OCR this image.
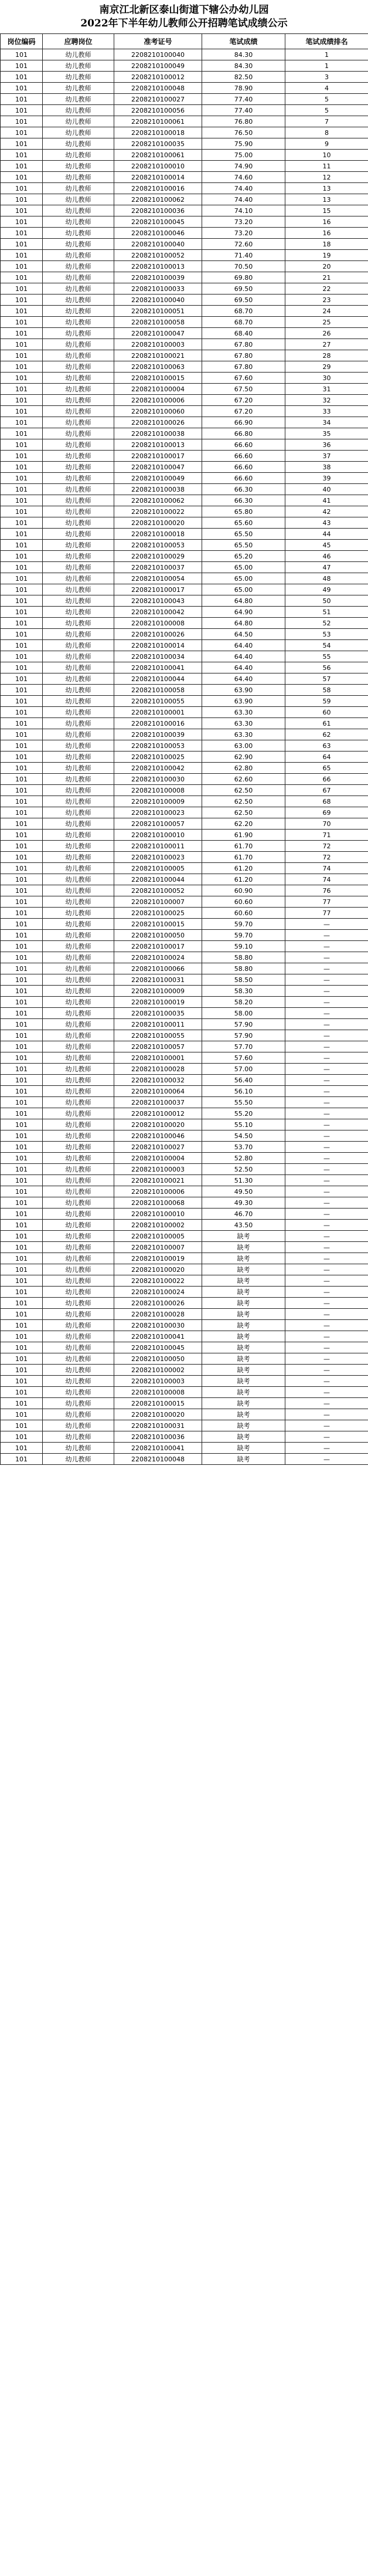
南京江北新区泰山街道下辖公办幼儿园
2022年下半年幼儿教师公开招聘笔试成绩公示
岗位编码	应聘岗位	准考证号	笔试成绩	笔试成绩排名
101	幼儿教师	2208210100040	84.30	1
101	幼儿教师	2208210100049	84.30	1
101	幼儿教师	2208210100012	82.50	3
101	幼儿教师	2208210100048	78.90	4
101	幼儿教师	2208210100027	77.40	5
101	幼儿教师	2208210100056	77.40	5
101	幼儿教师	2208210100061	76.80	7
101	幼儿教师	2208210100018	76.50	8
101	幼儿教师	2208210100035	75.90	9
101	幼儿教师	2208210100061	75.00	10
101	幼儿教师	2208210100010	74.90	11
101	幼儿教师	2208210100014	74.60	12
101	幼儿教师	2208210100016	74.40	13
101	幼儿教师	2208210100062	74.40	13
101	幼儿教师	2208210100036	74.10	15
101	幼儿教师	2208210100045	73.20	16
101	幼儿教师	2208210100046	73.20	16
101	幼儿教师	2208210100040	72.60	18
101	幼儿教师	2208210100052	71.40	19
101	幼儿教师	2208210100013	70.50	20
101	幼儿教师	2208210100039	69.80	21
101	幼儿教师	2208210100033	69.50	22
101	幼儿教师	2208210100040	69.50	23
101	幼儿教师	2208210100051	68.70	24
101	幼儿教师	2208210100058	68.70	25
101	幼儿教师	2208210100047	68.40	26
101	幼儿教师	2208210100003	67.80	27
101	幼儿教师	2208210100021	67.80	28
101	幼儿教师	2208210100063	67.80	29
101	幼儿教师	2208210100015	67.60	30
101	幼儿教师	2208210100004	67.50	31
101	幼儿教师	2208210100006	67.20	32
101	幼儿教师	2208210100060	67.20	33
101	幼儿教师	2208210100026	66.90	34
101	幼儿教师	2208210100038	66.80	35
101	幼儿教师	2208210100013	66.60	36
101	幼儿教师	2208210100017	66.60	37
101	幼儿教师	2208210100047	66.60	38
101	幼儿教师	2208210100049	66.60	39
101	幼儿教师	2208210100038	66.30	40
101	幼儿教师	2208210100062	66.30	41
101	幼儿教师	2208210100022	65.80	42
101	幼儿教师	2208210100020	65.60	43
101	幼儿教师	2208210100018	65.50	44
101	幼儿教师	2208210100053	65.50	45
101	幼儿教师	2208210100029	65.20	46
101	幼儿教师	2208210100037	65.00	47
101	幼儿教师	2208210100054	65.00	48
101	幼儿教师	2208210100017	65.00	49
101	幼儿教师	2208210100043	64.80	50
101	幼儿教师	2208210100042	64.90	51
101	幼儿教师	2208210100008	64.80	52
101	幼儿教师	2208210100026	64.50	53
101	幼儿教师	2208210100014	64.40	54
101	幼儿教师	2208210100034	64.40	55
101	幼儿教师	2208210100041	64.40	56
101	幼儿教师	2208210100044	64.40	57
101	幼儿教师	2208210100058	63.90	58
101	幼儿教师	2208210100055	63.90	59
101	幼儿教师	2208210100001	63.30	60
101	幼儿教师	2208210100016	63.30	61
101	幼儿教师	2208210100039	63.30	62
101	幼儿教师	2208210100053	63.00	63
101	幼儿教师	2208210100025	62.90	64
101	幼儿教师	2208210100042	62.80	65
101	幼儿教师	2208210100030	62.60	66
101	幼儿教师	2208210100008	62.50	67
101	幼儿教师	2208210100009	62.50	68
101	幼儿教师	2208210100023	62.50	69
101	幼儿教师	2208210100057	62.20	70
101	幼儿教师	2208210100010	61.90	71
101	幼儿教师	2208210100011	61.70	72
101	幼儿教师	2208210100023	61.70	72
101	幼儿教师	2208210100005	61.20	74
101	幼儿教师	2208210100044	61.20	74
101	幼儿教师	2208210100052	60.90	76
101	幼儿教师	2208210100007	60.60	77
101	幼儿教师	2208210100025	60.60	77
101	幼儿教师	2208210100015	59.70	—
101	幼儿教师	2208210100050	59.70	—
101	幼儿教师	2208210100017	59.10	—
101	幼儿教师	2208210100024	58.80	—
101	幼儿教师	2208210100066	58.80	—
101	幼儿教师	2208210100031	58.50	—
101	幼儿教师	2208210100009	58.30	—
101	幼儿教师	2208210100019	58.20	—
101	幼儿教师	2208210100035	58.00	—
101	幼儿教师	2208210100011	57.90	—
101	幼儿教师	2208210100055	57.90	—
101	幼儿教师	2208210100057	57.70	—
101	幼儿教师	2208210100001	57.60	—
101	幼儿教师	2208210100028	57.00	—
101	幼儿教师	2208210100032	56.40	—
101	幼儿教师	2208210100064	56.10	—
101	幼儿教师	2208210100037	55.50	—
101	幼儿教师	2208210100012	55.20	—
101	幼儿教师	2208210100020	55.10	—
101	幼儿教师	2208210100046	54.50	—
101	幼儿教师	2208210100027	53.70	—
101	幼儿教师	2208210100004	52.80	—
101	幼儿教师	2208210100003	52.50	—
101	幼儿教师	2208210100021	51.30	—
101	幼儿教师	2208210100006	49.50	—
101	幼儿教师	2208210100068	49.30	—
101	幼儿教师	2208210100010	46.70	—
101	幼儿教师	2208210100002	43.50	—
101	幼儿教师	2208210100005	缺考	—
101	幼儿教师	2208210100007	缺考	—
101	幼儿教师	2208210100019	缺考	—
101	幼儿教师	2208210100020	缺考	—
101	幼儿教师	2208210100022	缺考	—
101	幼儿教师	2208210100024	缺考	—
101	幼儿教师	2208210100026	缺考	—
101	幼儿教师	2208210100028	缺考	—
101	幼儿教师	2208210100030	缺考	—
101	幼儿教师	2208210100041	缺考	—
101	幼儿教师	2208210100045	缺考	—
101	幼儿教师	2208210100050	缺考	—
101	幼儿教师	2208210100002	缺考	—
101	幼儿教师	2208210100003	缺考	—
101	幼儿教师	2208210100008	缺考	—
101	幼儿教师	2208210100015	缺考	—
101	幼儿教师	2208210100020	缺考	—
101	幼儿教师	2208210100031	缺考	—
101	幼儿教师	2208210100036	缺考	—
101	幼儿教师	2208210100041	缺考	—
101	幼儿教师	2208210100048	缺考	—
